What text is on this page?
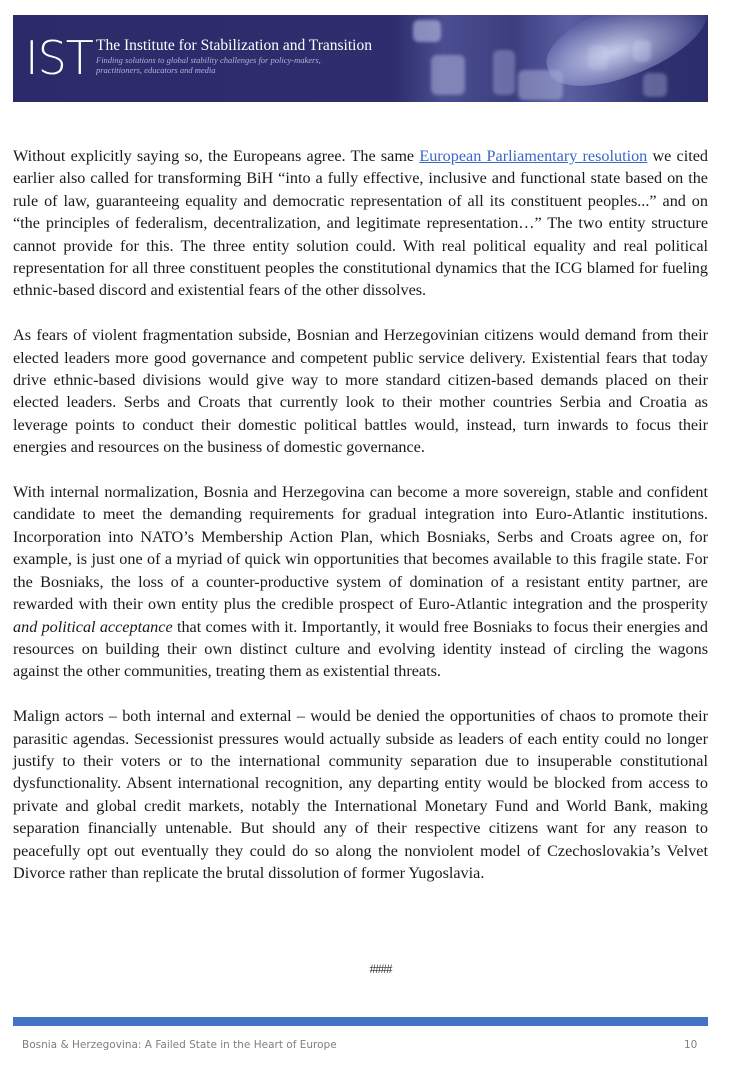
IST The Institute for Stabilization and Transition
Finding solutions to global stability challenges for policy-makers, practitioners, educators and media

Without explicitly saying so, the Europeans agree. The same European Parliamentary resolution we cited earlier also called for transforming BiH “into a fully effective, inclusive and functional state based on the rule of law, guaranteeing equality and democratic representation of all its constituent peoples...” and on “the principles of federalism, decentralization, and legitimate representation…” The two entity structure cannot provide for this. The three entity solution could. With real political equality and real political representation for all three constituent peoples the constitutional dynamics that the ICG blamed for fueling ethnic-based discord and existential fears of the other dissolves.

As fears of violent fragmentation subside, Bosnian and Herzegovinian citizens would demand from their elected leaders more good governance and competent public service delivery. Existential fears that today drive ethnic-based divisions would give way to more standard citizen-based demands placed on their elected leaders. Serbs and Croats that currently look to their mother countries Serbia and Croatia as leverage points to conduct their domestic political battles would, instead, turn inwards to focus their energies and resources on the business of domestic governance.

With internal normalization, Bosnia and Herzegovina can become a more sovereign, stable and confident candidate to meet the demanding requirements for gradual integration into Euro-Atlantic institutions. Incorporation into NATO’s Membership Action Plan, which Bosniaks, Serbs and Croats agree on, for example, is just one of a myriad of quick win opportunities that becomes available to this fragile state. For the Bosniaks, the loss of a counter-productive system of domination of a resistant entity partner, are rewarded with their own entity plus the credible prospect of Euro-Atlantic integration and the prosperity and political acceptance that comes with it. Importantly, it would free Bosniaks to focus their energies and resources on building their own distinct culture and evolving identity instead of circling the wagons against the other communities, treating them as existential threats.

Malign actors – both internal and external – would be denied the opportunities of chaos to promote their parasitic agendas. Secessionist pressures would actually subside as leaders of each entity could no longer justify to their voters or to the international community separation due to insuperable constitutional dysfunctionality. Absent international recognition, any departing entity would be blocked from access to private and global credit markets, notably the International Monetary Fund and World Bank, making separation financially untenable. But should any of their respective citizens want for any reason to peacefully opt out eventually they could do so along the nonviolent model of Czechoslovakia’s Velvet Divorce rather than replicate the brutal dissolution of former Yugoslavia.

####
Bosnia & Herzegovina: A Failed State in the Heart of Europe	10
